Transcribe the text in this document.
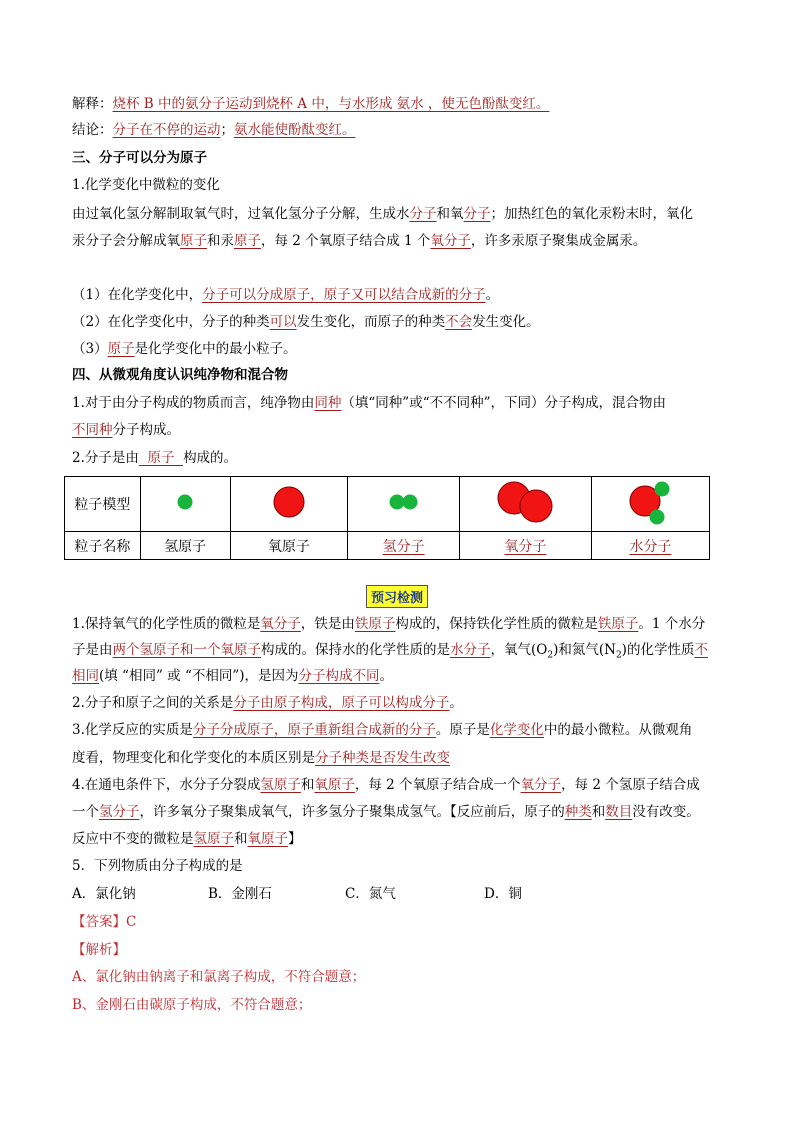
解释：烧杯 B 中的氨分子运动到烧杯 A 中，与水形成 氨水 ，使无色酚酞变红。
结论：分子在不停的运动；氨水能使酚酞变红。
三、分子可以分为原子
1.化学变化中微粒的变化
由过氧化氢分解制取氧气时，过氧化氢分子分解，生成水分子和氧分子；加热红色的氧化汞粉末时，氧化
汞分子会分解成氧原子和汞原子，每 2 个氧原子结合成 1 个氧分子，许多汞原子聚集成金属汞。
（1）在化学变化中，分子可以分成原子，原子又可以结合成新的分子。
（2）在化学变化中，分子的种类可以发生变化，而原子的种类不会发生变化。
（3）原子是化学变化中的最小粒子。
四、从微观角度认识纯净物和混合物
1.对于由分子构成的物质而言，纯净物由同种（填“同种”或“不不同种”，下同）分子构成，混合物由
不同种分子构成。
2.分子是由  原子  构成的。
粒子模型					
粒子名称	氢原子	氧原子	氢分子	氧分子	水分子
预习检测
1.保持氧气的化学性质的微粒是氧分子，铁是由铁原子构成的，保持铁化学性质的微粒是铁原子。1 个水分
子是由两个氢原子和一个氧原子构成的。保持水的化学性质的是水分子，氧气$(O_2)$和氮气$(N_2)$的化学性质不
相同(填 “相同” 或 “不相同”)，是因为分子构成不同。
2.分子和原子之间的关系是分子由原子构成，原子可以构成分子。
3.化学反应的实质是分子分成原子，原子重新组合成新的分子。原子是化学变化中的最小微粒。从微观角
度看，物理变化和化学变化的本质区别是分子种类是否发生改变
4.在通电条件下，水分子分裂成氢原子和氧原子，每 2 个氧原子结合成一个氧分子，每 2 个氢原子结合成
一个氢分子，许多氧分子聚集成氧气，许多氢分子聚集成氢气。【反应前后，原子的种类和数目没有改变。
反应中不变的微粒是氢原子和氧原子】
5．下列物质由分子构成的是
A．氯化钠	B．金刚石	C．氮气	D．铜
【答案】C
【解析】
A、氯化钠由钠离子和氯离子构成，不符合题意；
B、金刚石由碳原子构成，不符合题意；
